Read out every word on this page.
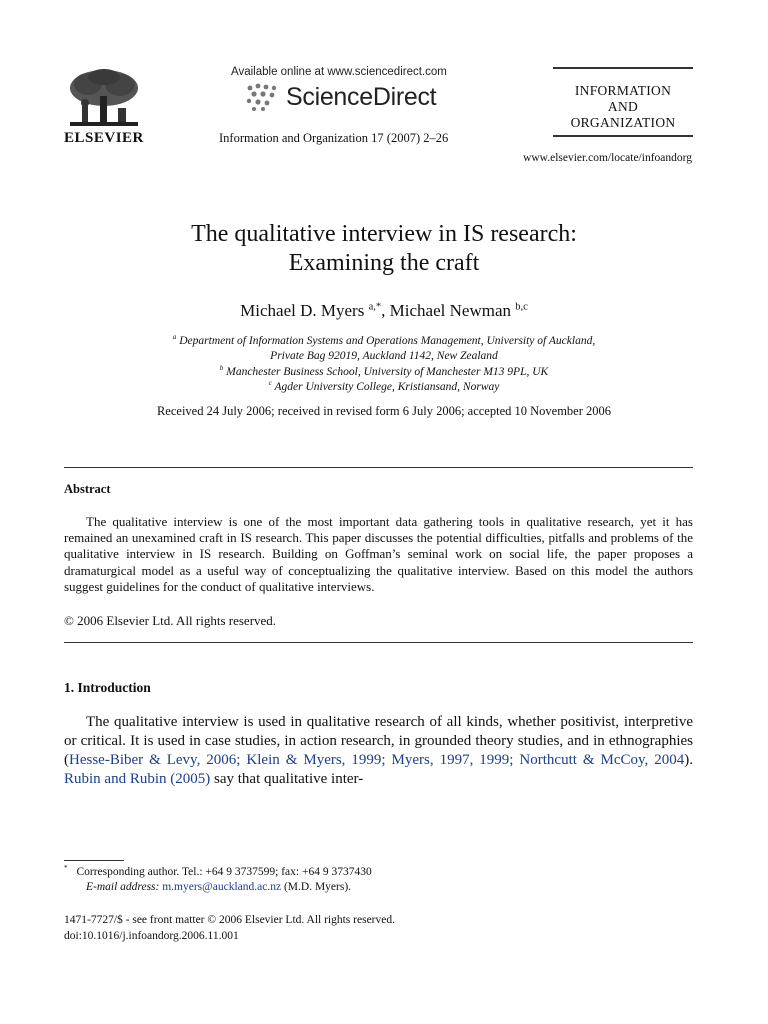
ELSEVIER
Available online at www.sciencedirect.com
ScienceDirect
Information and Organization 17 (2007) 2–26
INFORMATION
AND
ORGANIZATION
www.elsevier.com/locate/infoandorg
The qualitative interview in IS research:
Examining the craft
Michael D. Myers $^{a,*}$, Michael Newman $^{b,c}$
$^a$ Department of Information Systems and Operations Management, University of Auckland,
Private Bag 92019, Auckland 1142, New Zealand
$^b$ Manchester Business School, University of Manchester M13 9PL, UK
$^c$ Agder University College, Kristiansand, Norway
Received 24 July 2006; received in revised form 6 July 2006; accepted 10 November 2006
Abstract
The qualitative interview is one of the most important data gathering tools in qualitative research, yet it has remained an unexamined craft in IS research. This paper discusses the potential difficulties, pitfalls and problems of the qualitative interview in IS research. Building on Goffman’s seminal work on social life, the paper proposes a dramaturgical model as a useful way of conceptualizing the qualitative interview. Based on this model the authors suggest guidelines for the conduct of qualitative interviews.
© 2006 Elsevier Ltd. All rights reserved.
1. Introduction
The qualitative interview is used in qualitative research of all kinds, whether positivist, interpretive or critical. It is used in case studies, in action research, in grounded theory studies, and in ethnographies (Hesse-Biber & Levy, 2006; Klein & Myers, 1999; Myers, 1997, 1999; Northcutt & McCoy, 2004). Rubin and Rubin (2005) say that qualitative inter-
* Corresponding author. Tel.: +64 9 3737599; fax: +64 9 3737430
E-mail address: m.myers@auckland.ac.nz (M.D. Myers).
1471-7727/$ - see front matter © 2006 Elsevier Ltd. All rights reserved.
doi:10.1016/j.infoandorg.2006.11.001
